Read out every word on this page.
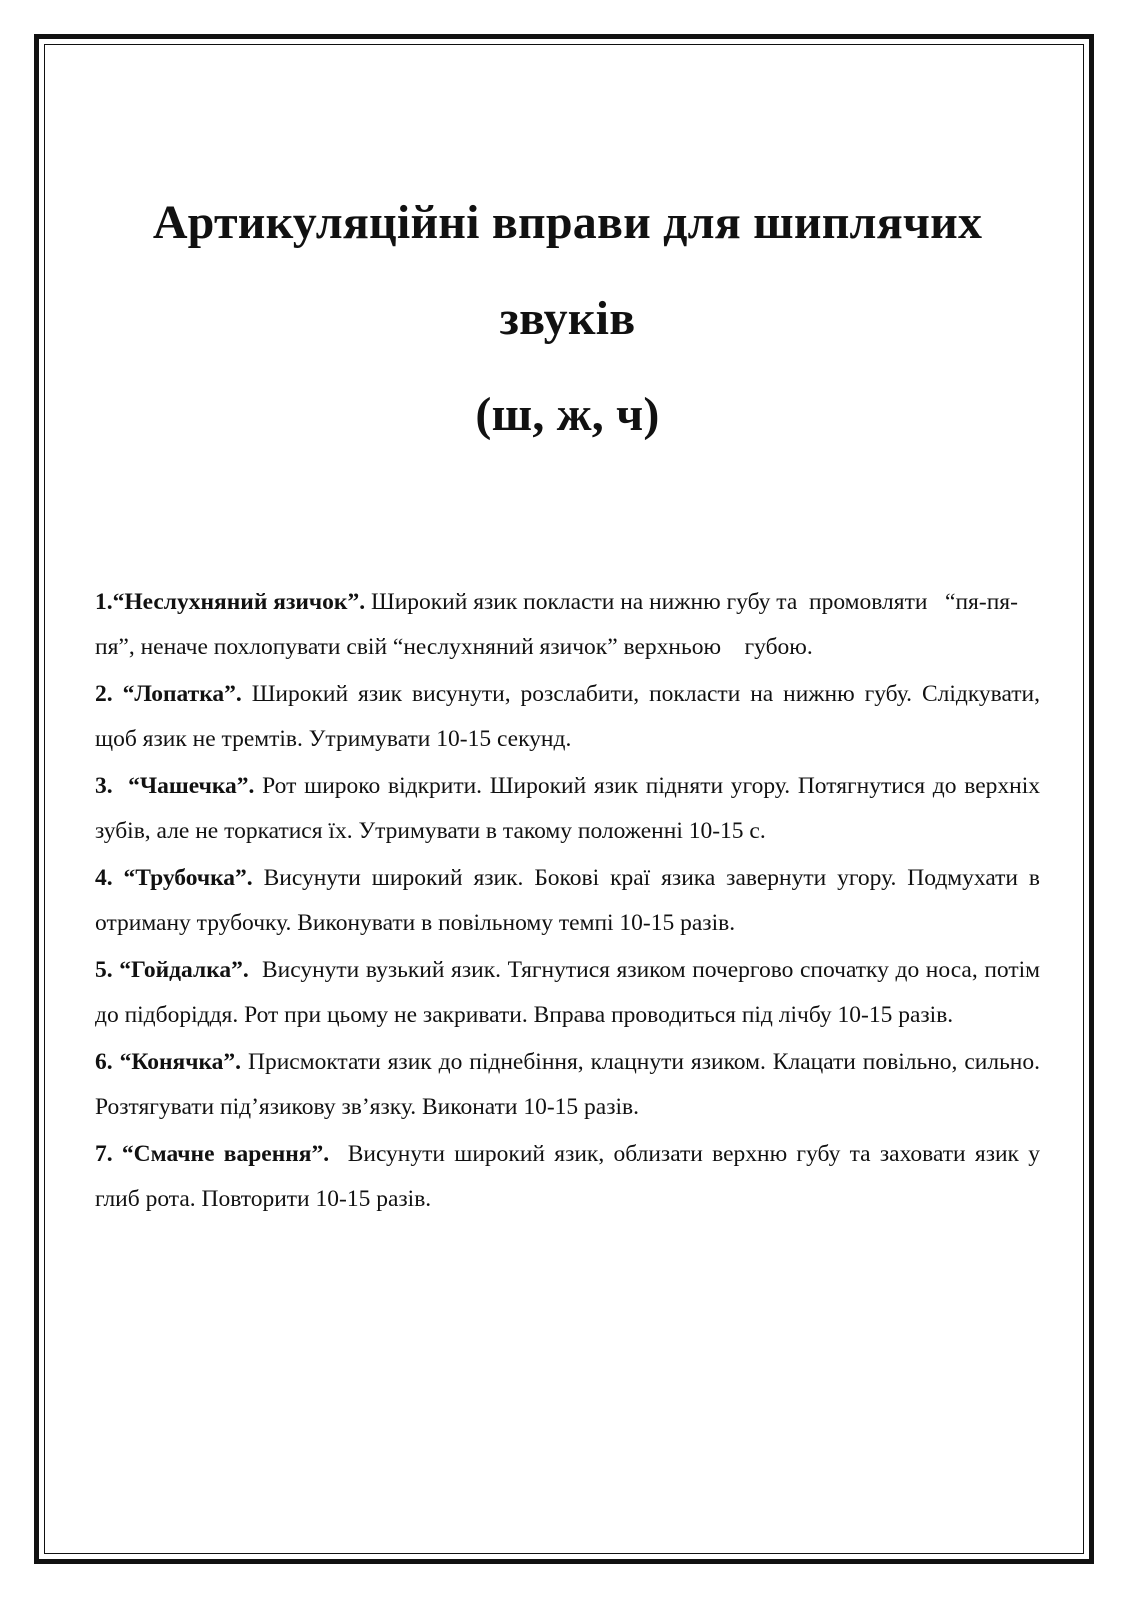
Артикуляційні вправи для шиплячих звуків
(ш, ж, ч)

1.“Неслухняний язичок”. Широкий язик покласти на нижню губу та  промовляти   “пя-пя-пя”, неначе похлопувати свій “неслухняний язичок” верхньою    губою.

2. “Лопатка”. Широкий язик висунути, розслабити, покласти на нижню губу. Слідкувати, щоб язик не тремтів. Утримувати 10-15 секунд.

3. “Чашечка”. Рот широко відкрити. Широкий язик підняти угору. Потягнутися до верхніх зубів, але не торкатися їх. Утримувати в такому положенні 10-15 с.

4. “Трубочка”. Висунути широкий язик. Бокові краї язика завернути угору. Подмухати в отриману трубочку. Виконувати в повільному темпі 10-15 разів.

5. “Гойдалка”. Висунути вузький язик. Тягнутися язиком почергово спочатку до носа, потім до підборіддя. Рот при цьому не закривати. Вправа проводиться під лічбу 10-15 разів.

6. “Конячка”. Присмоктати язик до піднебіння, клацнути язиком. Клацати повільно, сильно. Розтягувати під’язикову зв’язку. Виконати 10-15 разів.

7. “Смачне варення”. Висунути широкий язик, облизати верхню губу та заховати язик у глиб рота. Повторити 10-15 разів.
